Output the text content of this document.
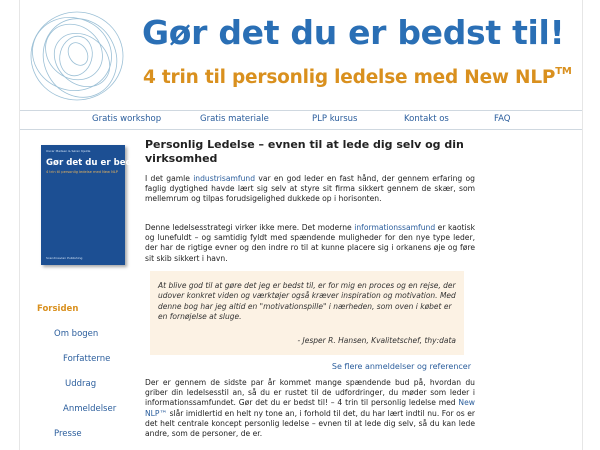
Gør det du er bedst til!
4 trin til personlig ledelse med New NLP™
Gratis workshop	Gratis materiale	PLP kursus	Kontakt os	FAQ
Oscar Madsen & Søren Kjelde
Gør det du er bedst til!
4 trin til personlig ledelse med New NLP
Scandinavian Publishing
Forsiden
Om bogen
Forfatterne
Uddrag
Anmeldelser
Presse
Personlig Ledelse – evnen til at lede dig selv og din virksomhed
I det gamle industrisamfund var en god leder en fast hånd, der gennem erfaring og faglig dygtighed havde lært sig selv at styre sit firma sikkert gennem de skær, som mellemrum og tilpas forudsigelighed dukkede op i horisonten.
Denne ledelsesstrategi virker ikke mere. Det moderne informationssamfund er kaotisk og lunefuldt – og samtidig fyldt med spændende muligheder for den nye type leder, der har de rigtige evner og den indre ro til at kunne placere sig i orkanens øje og føre sit skib sikkert i havn.
At blive god til at gøre det jeg er bedst til, er for mig en proces og en rejse, der udover konkret viden og værktøjer også kræver inspiration og motivation. Med denne bog har jeg altid en "motivationspille" i nærheden, som oven i købet er en fornøjelse at sluge.
- Jesper R. Hansen, Kvalitetschef, thy:data
Se flere anmeldelser og referencer
Der er gennem de sidste par år kommet mange spændende bud på, hvordan du griber din ledelsesstil an, så du er rustet til de udfordringer, du møder som leder i informationssamfundet. Gør det du er bedst til! – 4 trin til personlig ledelse med New NLP™ slår imidlertid en helt ny tone an, i forhold til det, du har lært indtil nu. For os er det helt centrale koncept personlig ledelse – evnen til at lede dig selv, så du kan lede andre, som de personer, de er.
